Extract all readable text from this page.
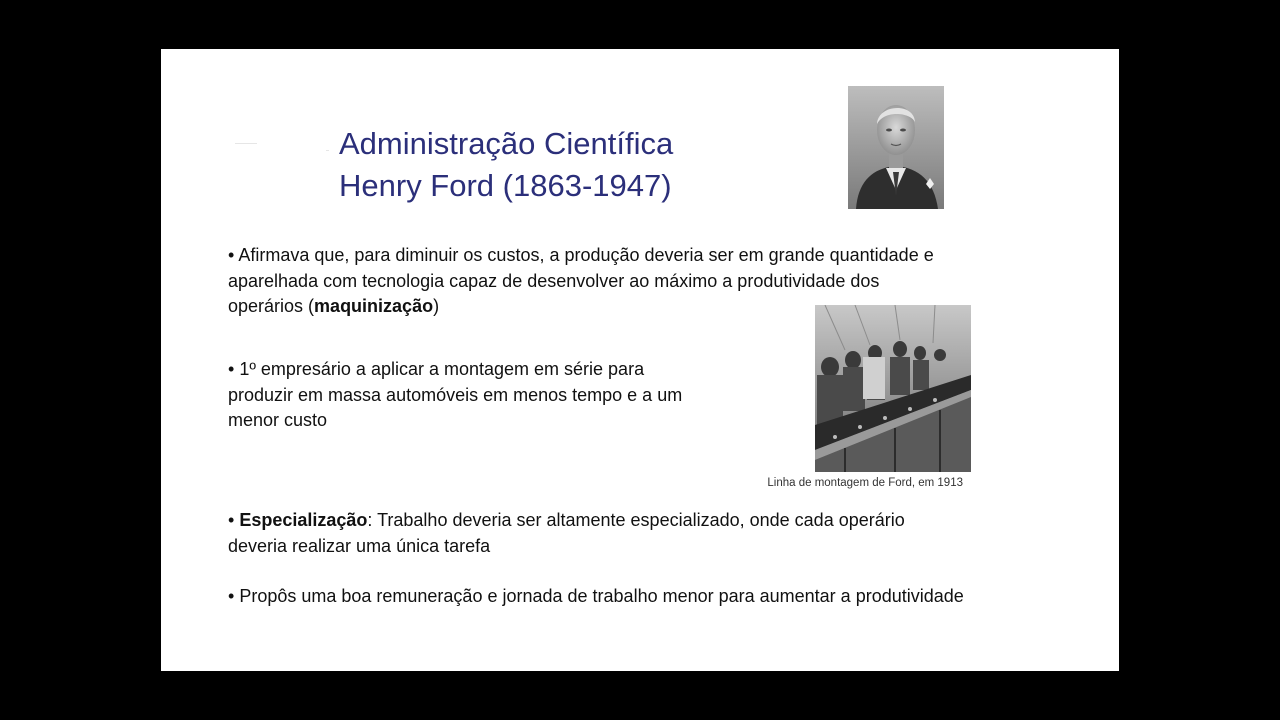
Administração Científica
Henry Ford (1863-1947)
Linha de montagem de Ford, em 1913
• Afirmava que, para diminuir os custos, a produção deveria ser em grande quantidade e aparelhada com tecnologia capaz de desenvolver ao máximo a produtividade dos operários (maquinização)
• 1º empresário a aplicar a montagem em série para produzir em massa automóveis em menos tempo e a um menor custo
• Especialização: Trabalho deveria ser altamente especializado, onde cada operário deveria realizar uma única tarefa
• Propôs uma boa remuneração e jornada de trabalho menor para aumentar a produtividade
